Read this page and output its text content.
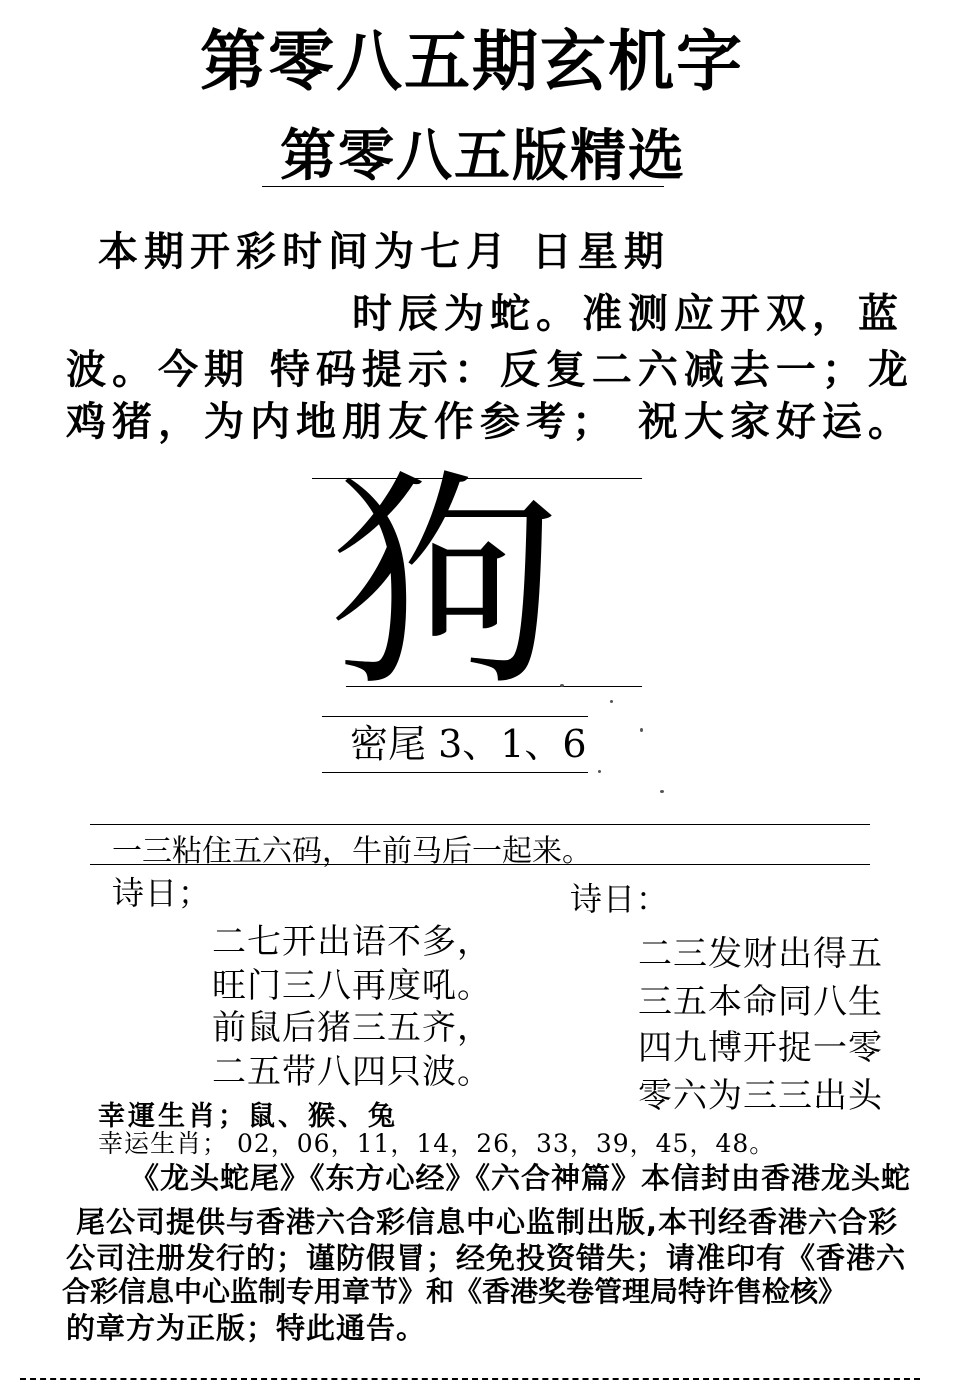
第零八五期玄机字
第零八五版精选
本期开彩时间为七月 日星期
时辰为蛇。准测应开双，蓝
波。今期 特码提示：反复二六减去一；龙
鸡猪，为内地朋友作参考； 祝大家好运。
狗
密尾 3、1、6
一三粘住五六码，牛前马后一起来。
诗日；
二七开出语不多，
旺门三八再度吼。
前鼠后猪三五齐，
二五带八四只波。
诗日：
二三发财出得五
三五本命同八生
四九博开捉一零
零六为三三出头
幸運生肖；鼠、猴、兔
幸运生肖； 02，06，11，14，26，33，39，45，48。
《龙头蛇尾》《东方心经》《六合神篇》本信封由香港龙头蛇
尾公司提供与香港六合彩信息中心监制出版,本刊经香港六合彩
公司注册发行的；谨防假冒；经免投资错失；请准印有《香港六
合彩信息中心监制专用章节》和《香港奖卷管理局特许售检核》
的章方为正版；特此通告。
